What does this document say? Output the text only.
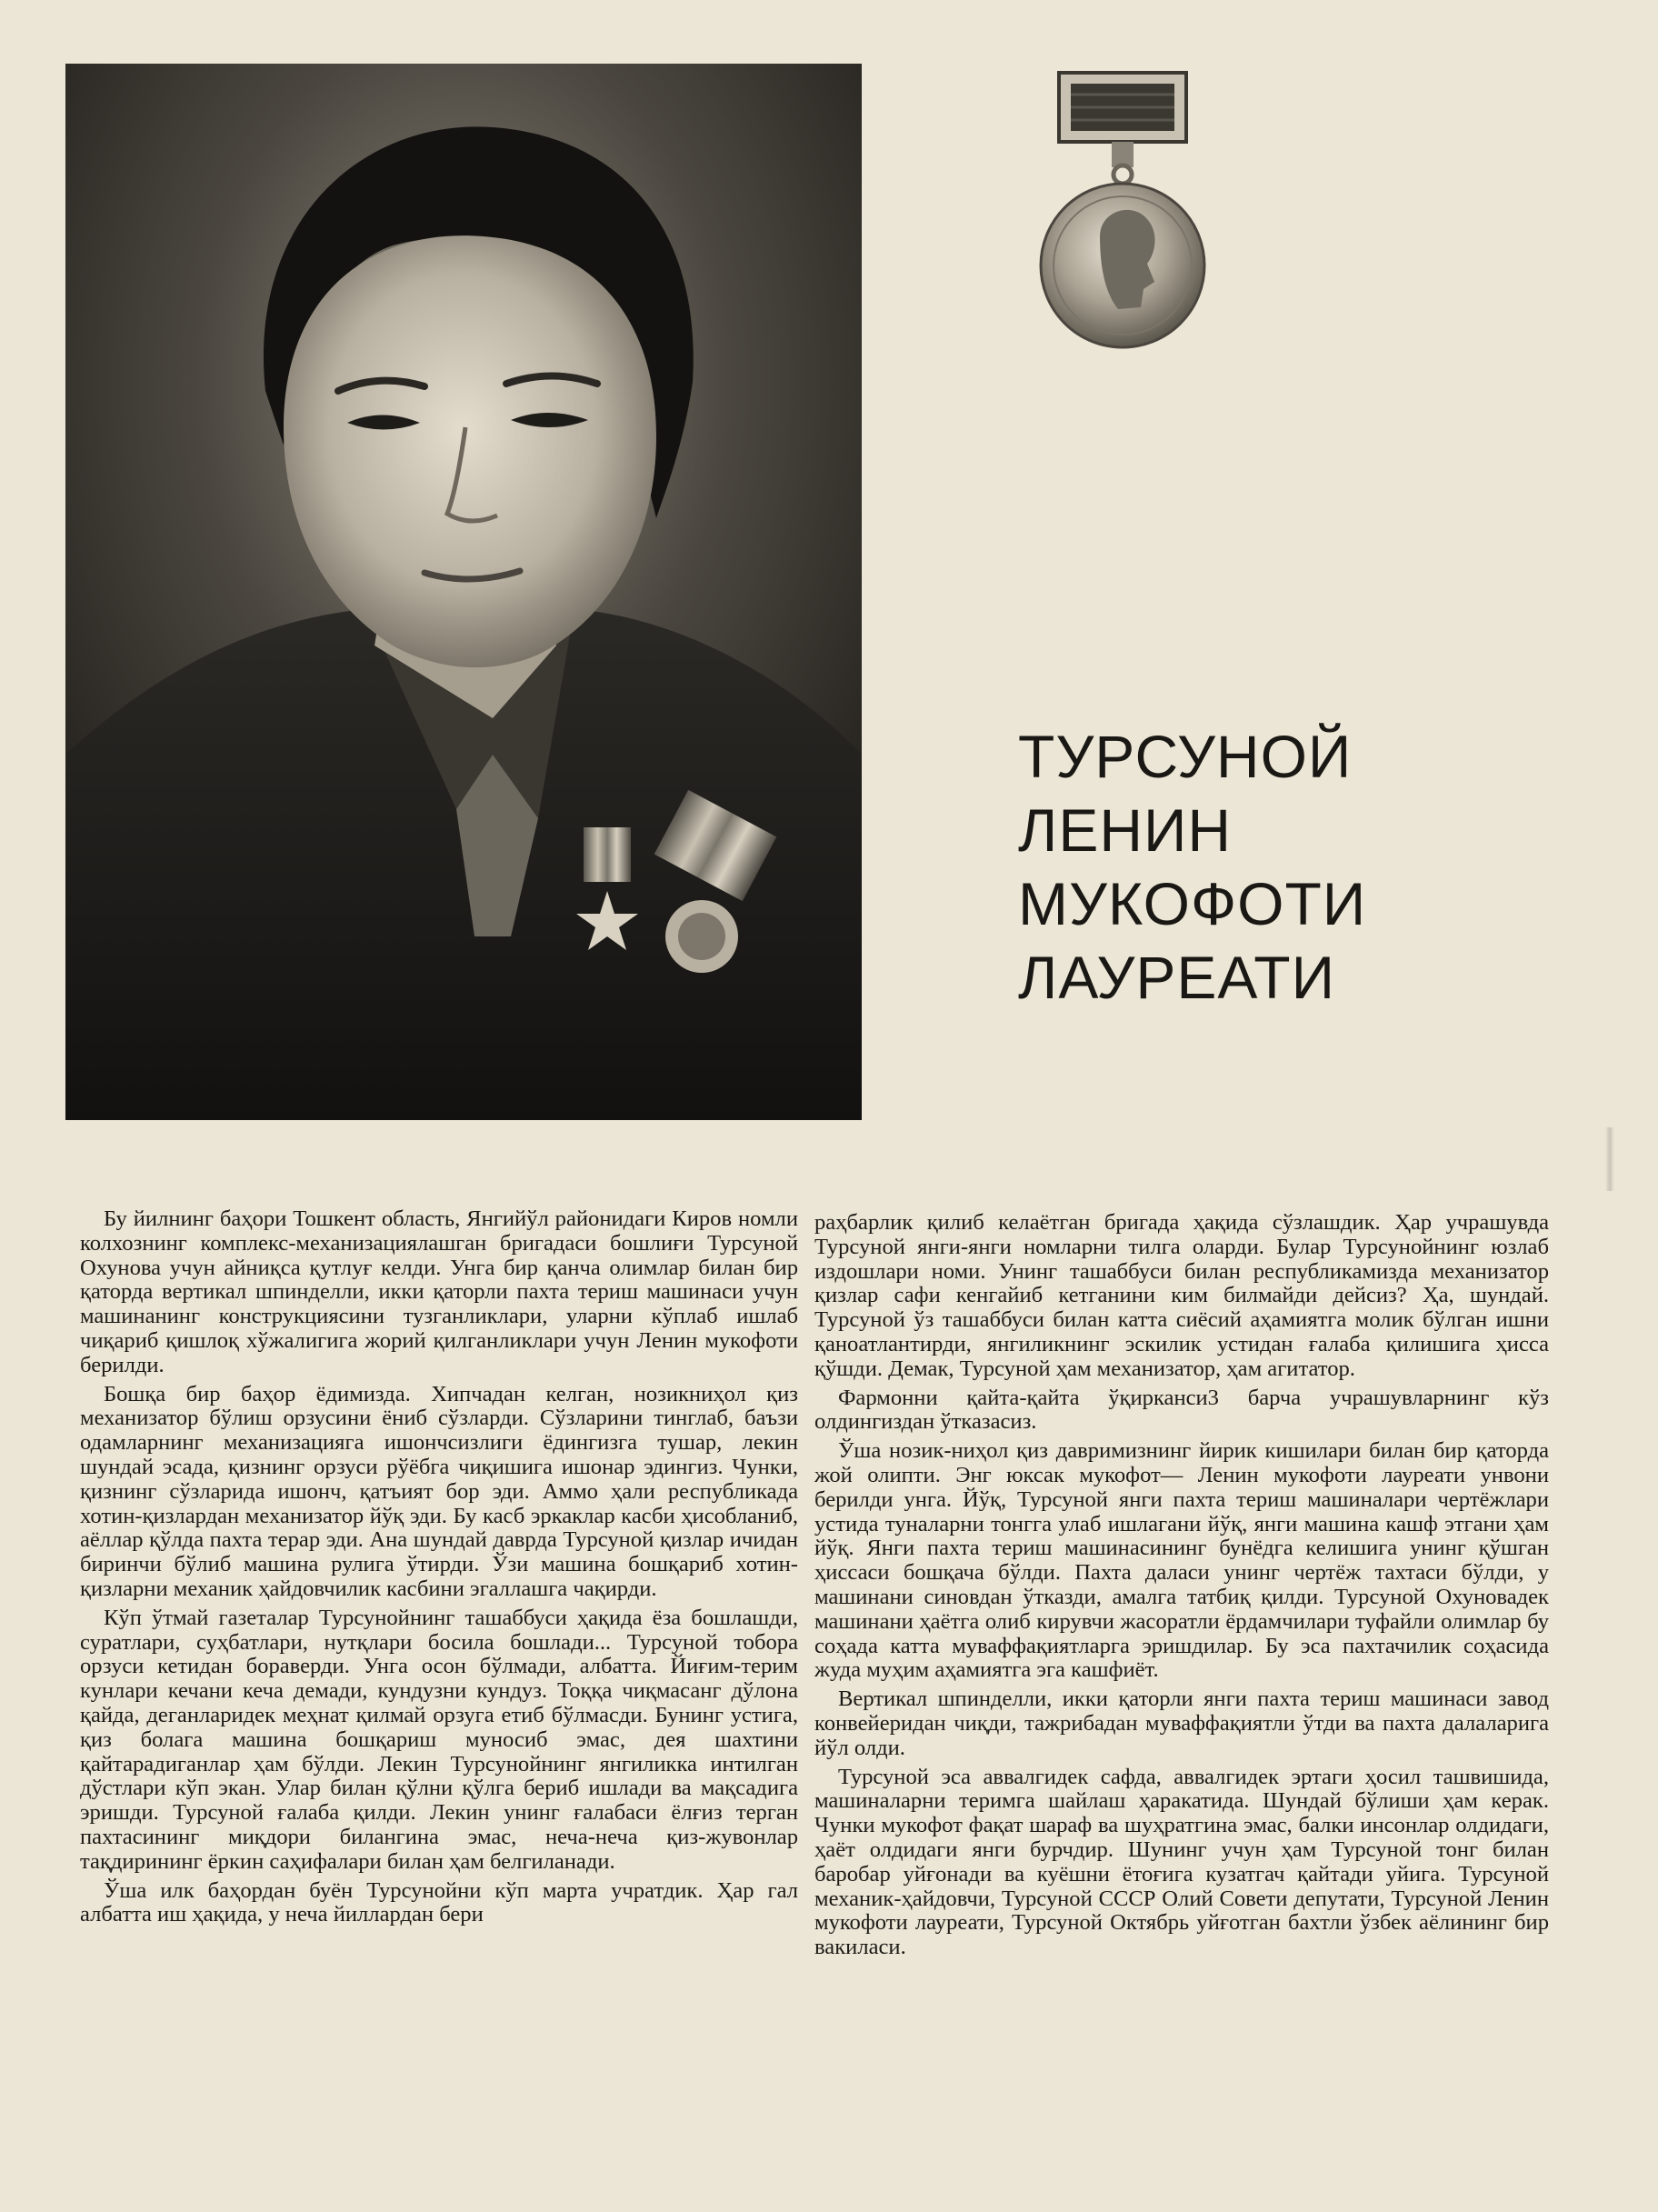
ТУРСУНОЙ
ЛЕНИН
МУКОФОТИ
ЛАУРЕАТИ

Бу йилнинг баҳори Тошкент область, Янгийўл районидаги Киров номли колхознинг комплекс-механизациялашган бригадаси бошлиғи Турсуной Охунова учун айниқса қутлуғ келди. Унга бир қанча олимлар билан бир қаторда вертикал шпинделли, икки қаторли пахта териш машинаси учун машинанинг конструкциясини тузганликлари, уларни кўплаб ишлаб чиқариб қишлоқ хўжалигига жорий қилганликлари учун Ленин мукофоти берилди.

Бошқа бир баҳор ёдимизда. Хипчадан келган, нозикниҳол қиз механизатор бўлиш орзусини ёниб сўзларди. Сўзларини тинглаб, баъзи одамларнинг механизацияга ишончсизлиги ёдингизга тушар, лекин шундай эсада, қизнинг орзуси рўёбга чиқишига ишонар эдингиз. Чунки, қизнинг сўзларида ишонч, қатъият бор эди. Аммо ҳали республикада хотин-қизлардан механизатор йўқ эди. Бу касб эркаклар касби ҳисобланиб, аёллар қўлда пахта терар эди. Ана шундай даврда Турсуной қизлар ичидан биринчи бўлиб машина рулига ўтирди. Ўзи машина бошқариб хотин-қизларни механик ҳайдовчилик касбини эгаллашга чақирди.

Кўп ўтмай газеталар Турсунойнинг ташаббуси ҳақида ёза бошлашди, суратлари, суҳбатлари, нутқлари босила бошлади... Турсуной тобора орзуси кетидан бораверди. Унга осон бўлмади, албатта. Йиғим-терим кунлари кечани кеча демади, кундузни кундуз. Тоққа чиқмасанг дўлона қайда, деганларидек меҳнат қилмай орзуга етиб бўлмасди. Бунинг устига, қиз болага машина бошқариш муносиб эмас, дея шахтини қайтарадиганлар ҳам бўлди. Лекин Турсунойнинг янгиликка интилган дўстлари кўп экан. Улар билан қўлни қўлга бериб ишлади ва мақсадига эришди. Турсуной ғалаба қилди. Лекин унинг ғалабаси ёлғиз терган пахтасининг миқдори билангина эмас, неча-неча қиз-жувонлар тақдирининг ёркин саҳифалари билан ҳам белгиланади.

Ўша илк баҳордан буён Турсунойни кўп марта учратдик. Ҳар гал албатта иш ҳақида, у неча йиллардан бери

раҳбарлик қилиб келаётган бригада ҳақида сўзлашдик. Ҳар учрашувда Турсуной янги-янги номларни тилга оларди. Булар Турсунойнинг юзлаб издошлари номи. Унинг ташаббуси билан республикамизда механизатор қизлар сафи кенгайиб кетганини ким билмайди дейсиз? Ҳа, шундай. Турсуной ўз ташаббуси билан катта сиёсий аҳамиятга молик бўлган ишни қаноатлантирди, янгиликнинг эскилик устидан ғалаба қилишига ҳисса қўшди. Демак, Турсуной ҳам механизатор, ҳам агитатор.

Фармонни қайта-қайта ўқирканси3 барча учрашувларнинг кўз олдингиздан ўтказасиз.

Ўша нозик-ниҳол қиз давримизнинг йирик кишилари билан бир қаторда жой олипти. Энг юксак мукофот— Ленин мукофоти лауреати унвони берилди унга. Йўқ, Турсуной янги пахта териш машиналари чертёжлари устида туналарни тонгга улаб ишлагани йўқ, янги машина кашф этгани ҳам йўқ. Янги пахта териш машинасининг бунёдга келишига унинг қўшган ҳиссаси бошқача бўлди. Пахта даласи унинг чертёж тахтаси бўлди, у машинани синовдан ўтказди, амалга татбиқ қилди. Турсуной Охуновадек машинани ҳаётга олиб кирувчи жасоратли ёрдамчилари туфайли олимлар бу соҳада катта муваффақиятларга эришдилар. Бу эса пахтачилик соҳасида жуда муҳим аҳамиятга эга кашфиёт.

Вертикал шпинделли, икки қаторли янги пахта териш машинаси завод конвейеридан чиқди, тажрибадан муваффақиятли ўтди ва пахта далаларига йўл олди.

Турсуной эса аввалгидек сафда, аввалгидек эртаги ҳосил ташвишида, машиналарни теримга шайлаш ҳаракатида. Шундай бўлиши ҳам керак. Чунки мукофот фақат шараф ва шуҳратгина эмас, балки инсонлар олдидаги, ҳаёт олдидаги янги бурчдир. Шунинг учун ҳам Турсуной тонг билан баробар уйғонади ва куёшни ётоғига кузатгач қайтади уйига. Турсуной механик-ҳайдовчи, Турсуной СССР Олий Совети депутати, Турсуной Ленин мукофоти лауреати, Турсуной Октябрь уйғотган бахтли ўзбек аёлининг бир вакиласи.
